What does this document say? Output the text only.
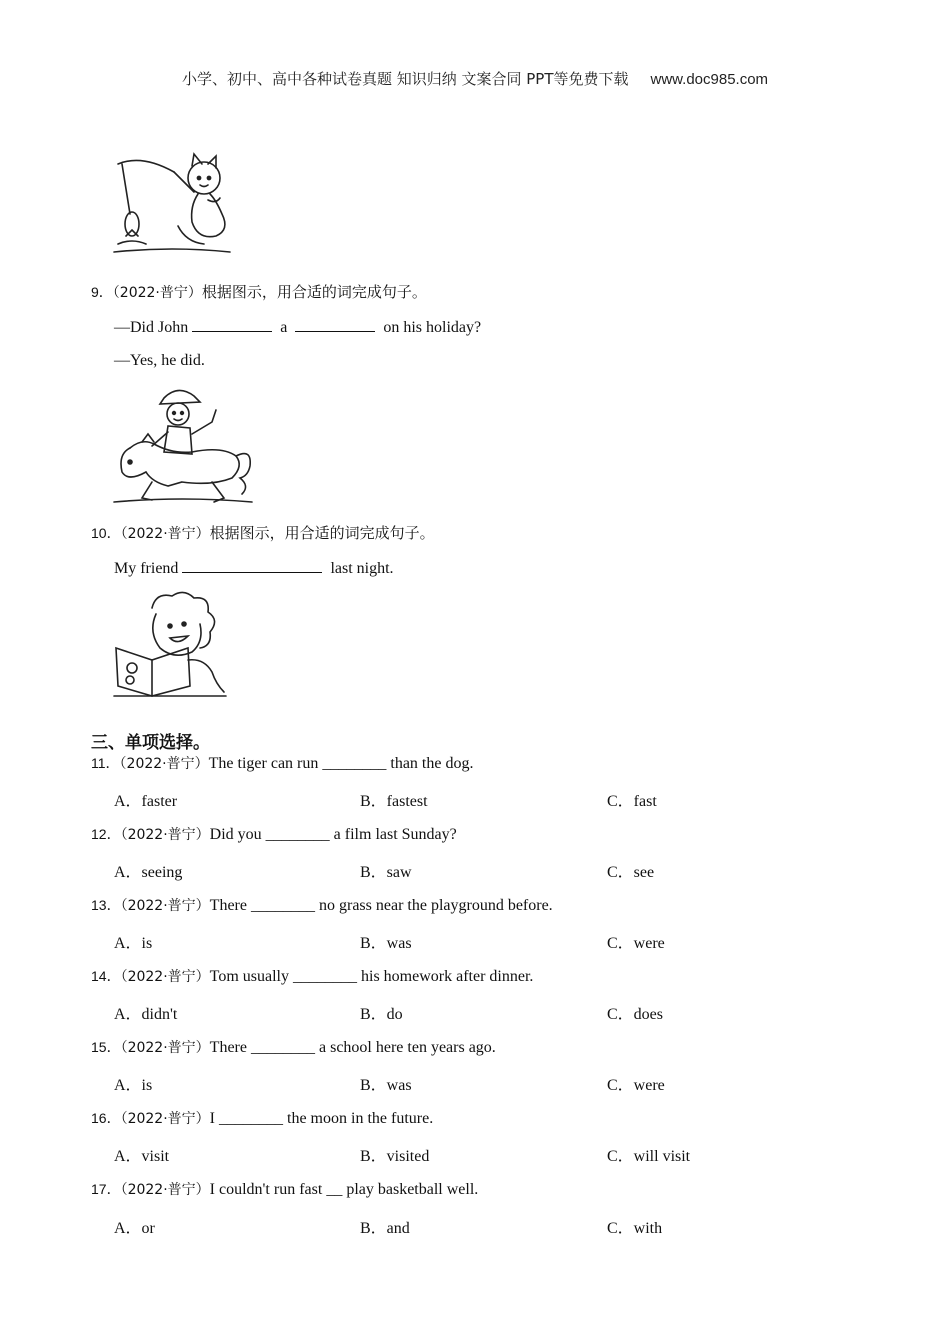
小学、初中、高中各种试卷真题 知识归纳 文案合同 PPT等免费下载 www.doc985.com
9．（2022·普宁）根据图示，用合适的词完成句子。
—Did John	a	on his holiday?
—Yes, he did.
10．（2022·普宁）根据图示，用合适的词完成句子。
My friend	last night.
三、单项选择。
11．（2022·普宁）The tiger can run ________ than the dog.
A．faster	B．fastest	C．fast
12．（2022·普宁）Did you ________ a film last Sunday?
A．seeing	B．saw	C．see
13．（2022·普宁）There ________ no grass near the playground before.
A．is	B．was	C．were
14．（2022·普宁）Tom usually ________ his homework after dinner.
A．didn't	B．do	C．does
15．（2022·普宁）There ________ a school here ten years ago.
A．is	B．was	C．were
16．（2022·普宁）I ________ the moon in the future.
A．visit	B．visited	C．will visit
17．（2022·普宁）I couldn't run fast __ play basketball well.
A．or	B．and	C．with
